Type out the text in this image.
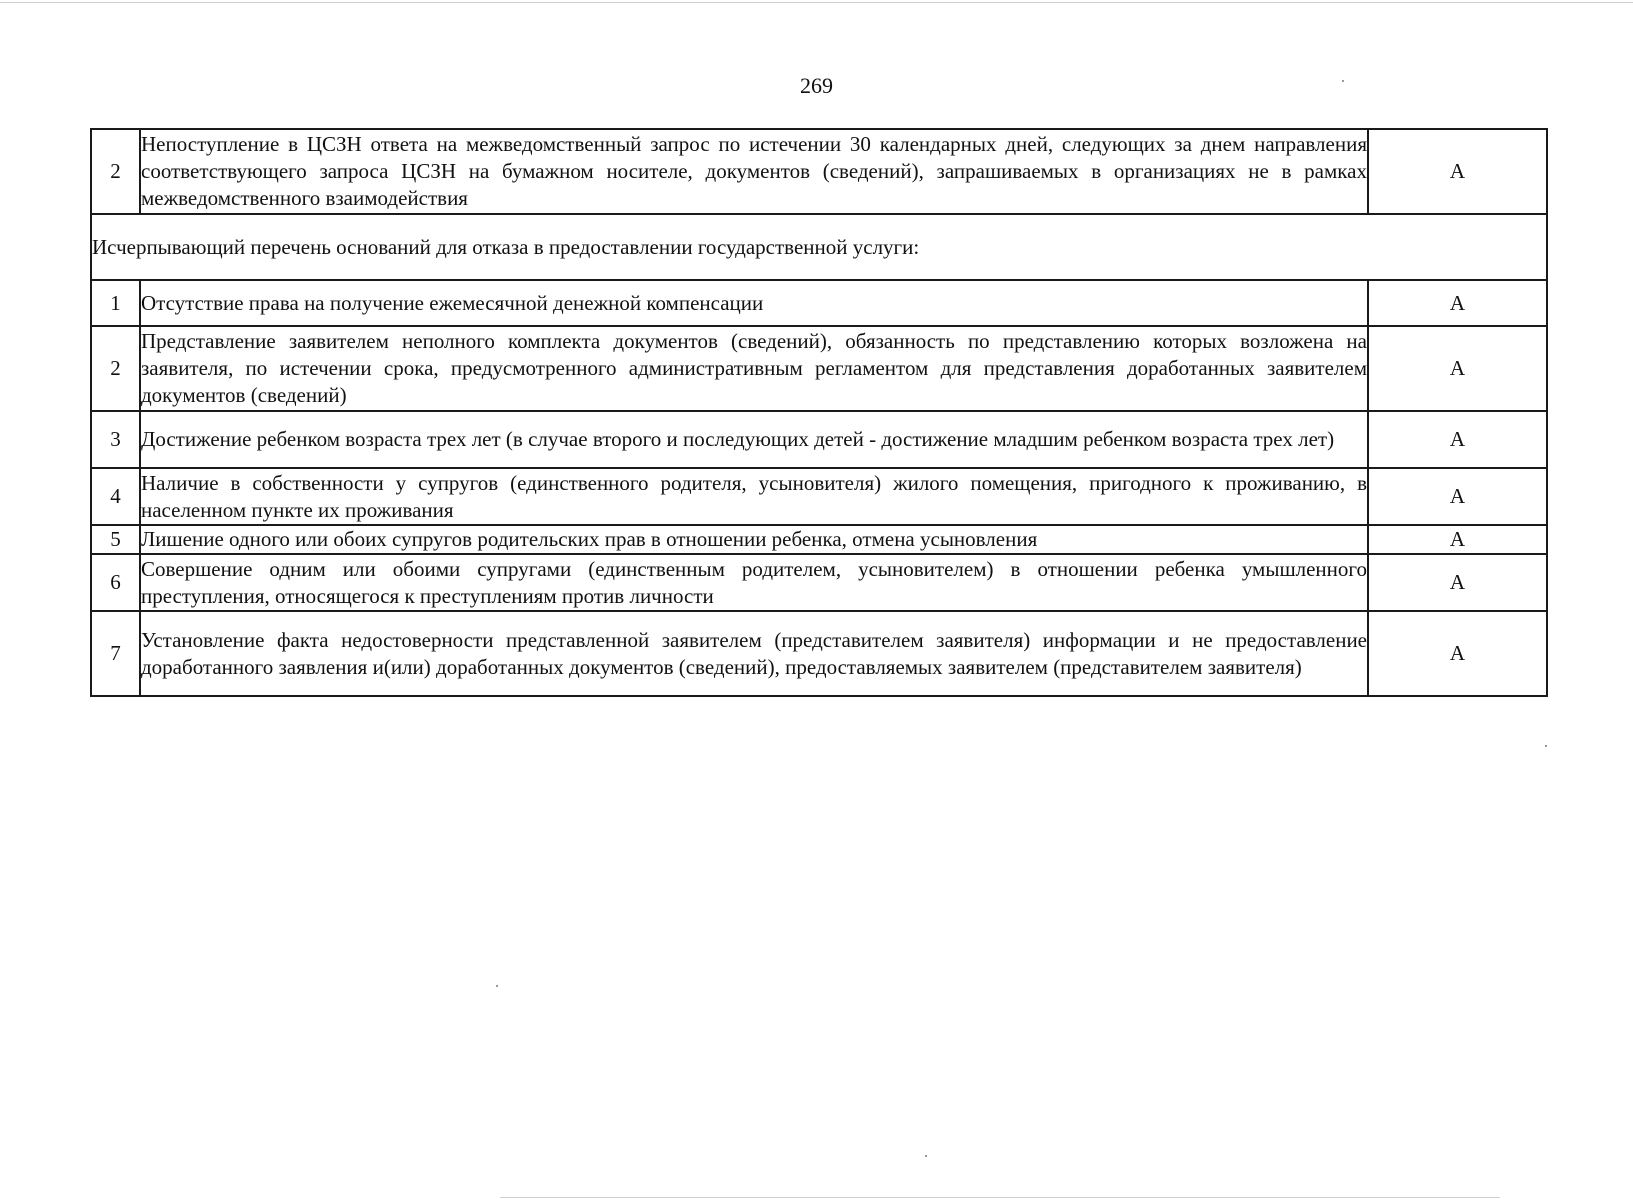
269
2	Непоступление в ЦСЗН ответа на межведомственный запрос по истечении 30 календарных дней, следующих за днем направления соответствующего запроса ЦСЗН на бумажном носителе, документов (сведений), запрашиваемых в организациях не в рамках межведомственного взаимодействия	А
Исчерпывающий перечень оснований для отказа в предоставлении государственной услуги:		
1	Отсутствие права на получение ежемесячной денежной компенсации	А
2	Представление заявителем неполного комплекта документов (сведений), обязанность по представлению которых возложена на заявителя, по истечении срока, предусмотренного административным регламентом для представления доработанных заявителем документов (сведений)	А
3	Достижение ребенком возраста трех лет (в случае второго и последующих детей - достижение младшим ребенком возраста трех лет)	А
4	Наличие в собственности у супругов (единственного родителя, усыновителя) жилого помещения, пригодного к проживанию, в населенном пункте их проживания	А
5	Лишение одного или обоих супругов родительских прав в отношении ребенка, отмена усыновления	А
6	Совершение одним или обоими супругами (единственным родителем, усыновителем) в отношении ребенка умышленного преступления, относящегося к преступлениям против личности	А
7	Установление факта недостоверности представленной заявителем (представителем заявителя) информации и не предоставление доработанного заявления и(или) доработанных документов (сведений), предоставляемых заявителем (представителем заявителя)	А
